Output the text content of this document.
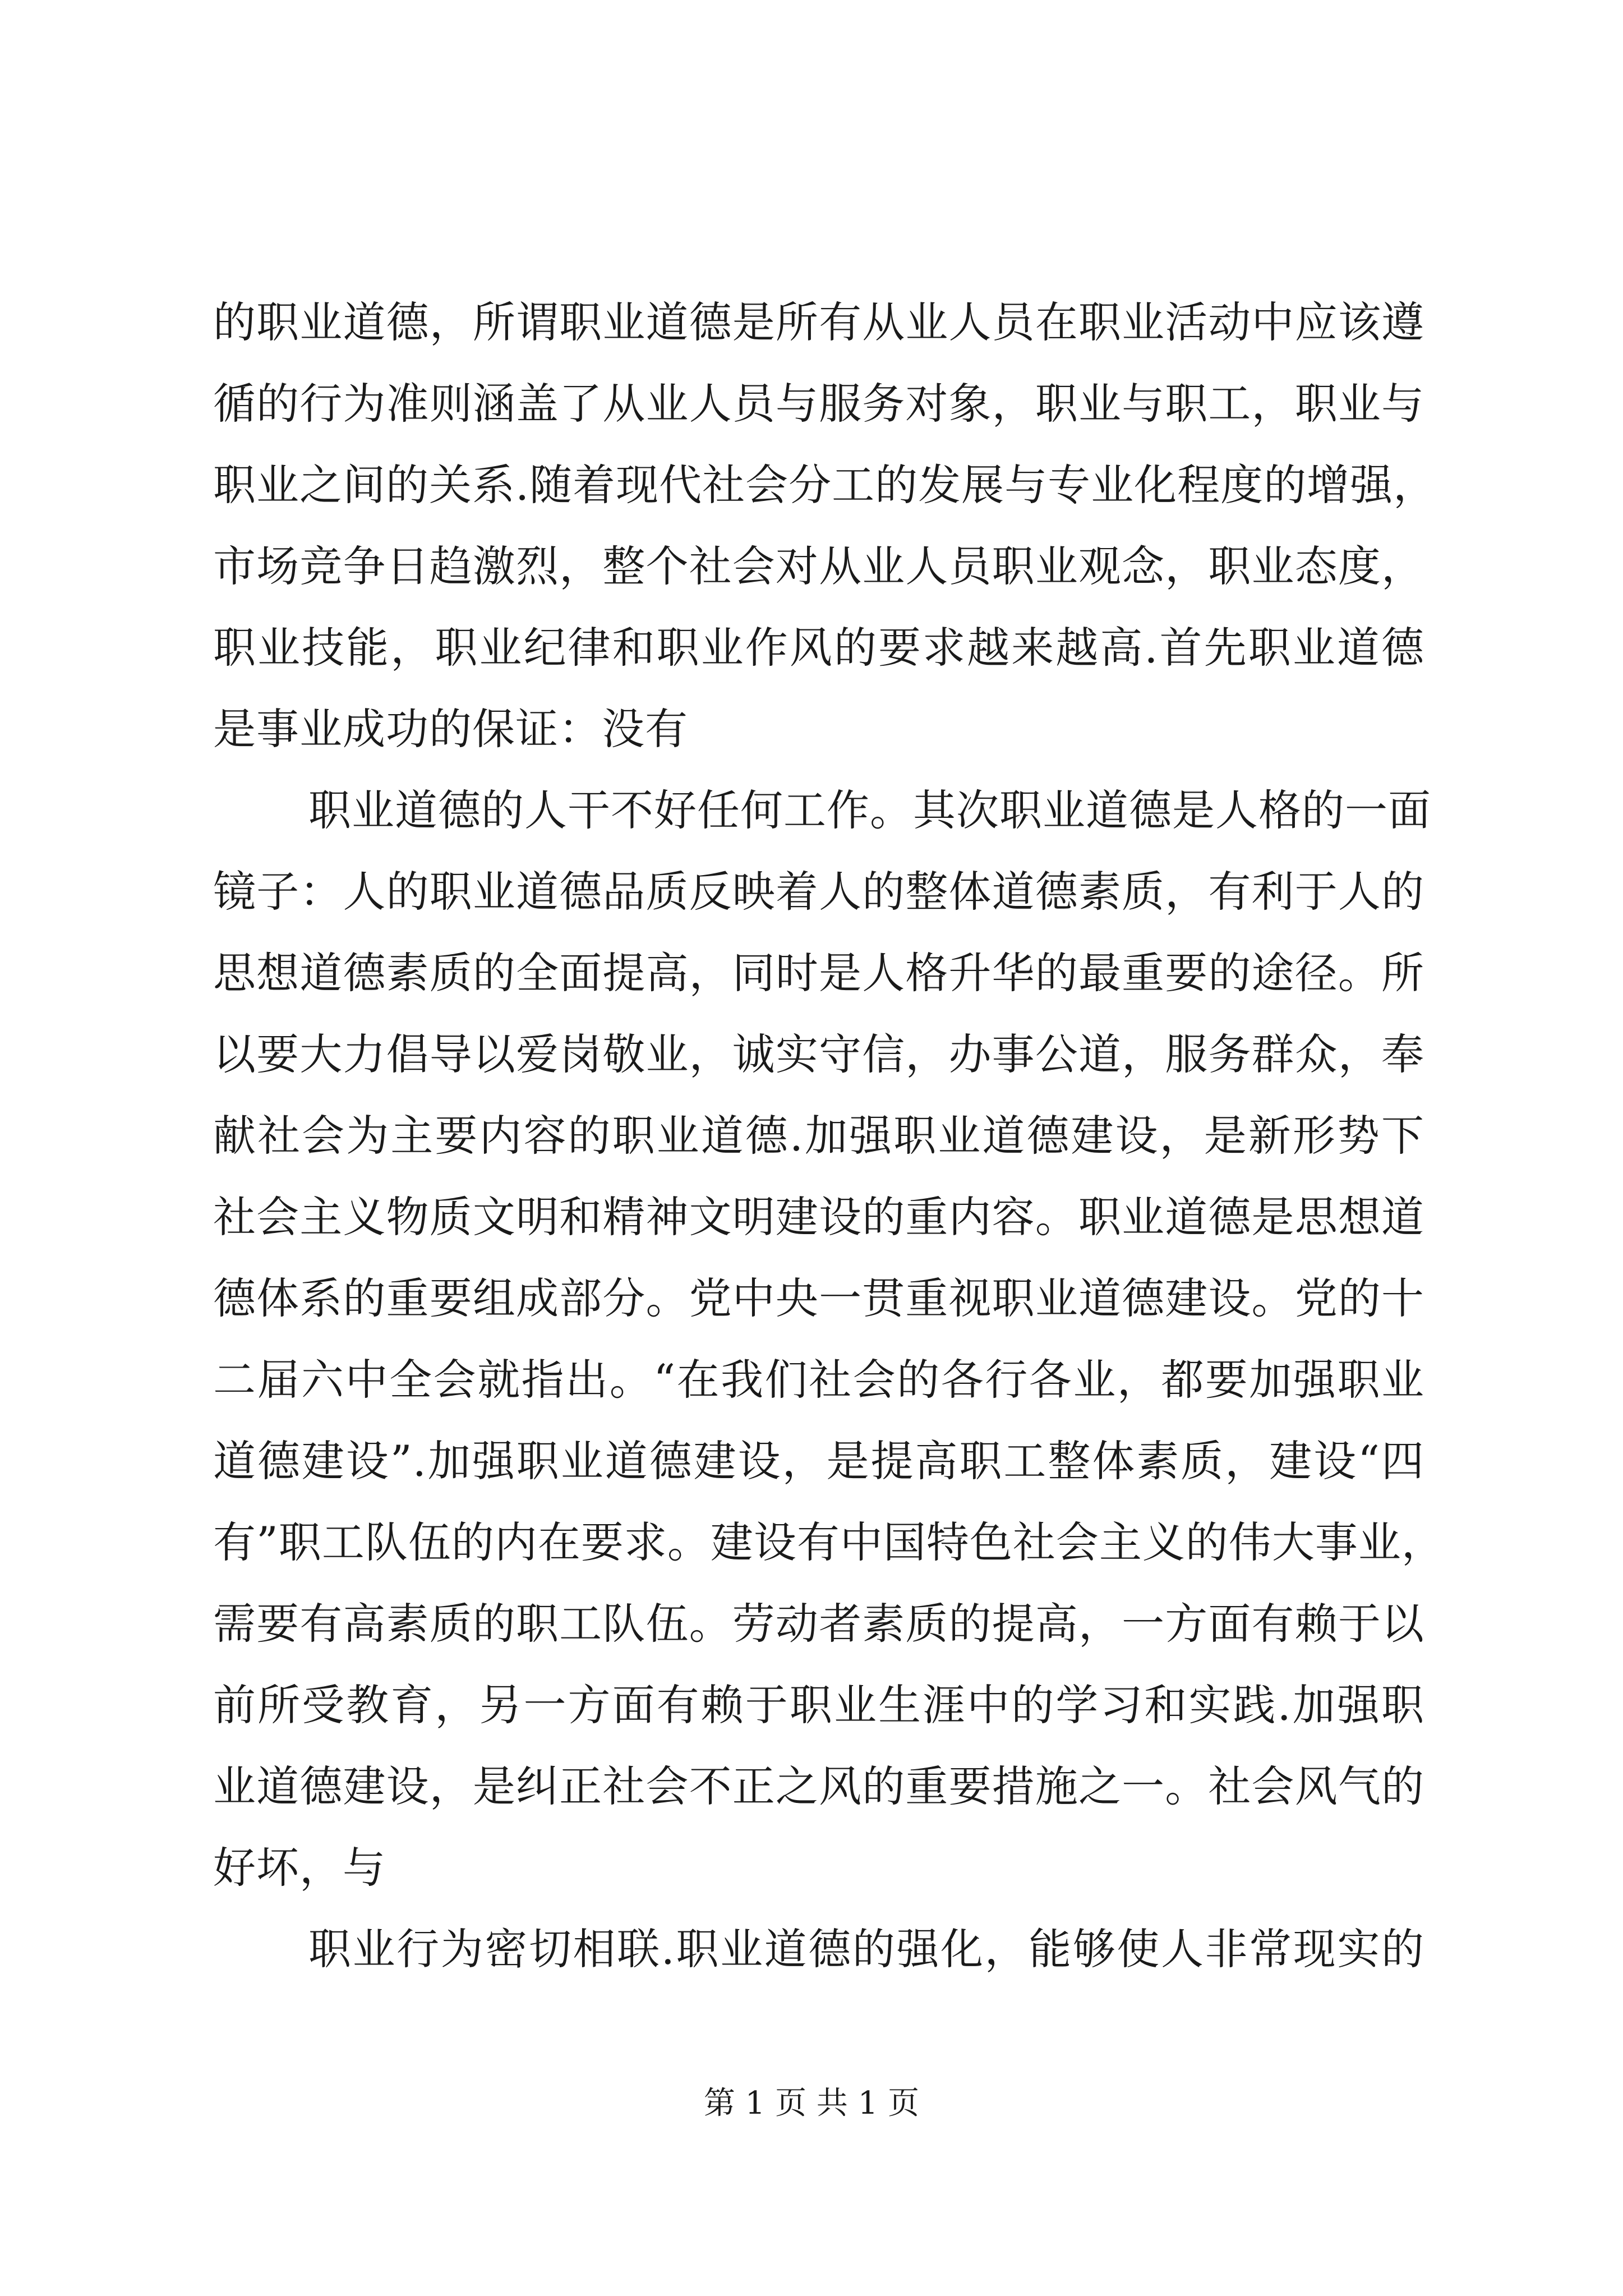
的职业道德，所谓职业道德是所有从业人员在职业活动中应该遵
循的行为准则涵盖了从业人员与服务对象，职业与职工，职业与
职业之间的关系.随着现代社会分工的发展与专业化程度的增强，
市场竞争日趋激烈，整个社会对从业人员职业观念，职业态度，
职业技能，职业纪律和职业作风的要求越来越高.首先职业道德
是事业成功的保证：没有
职业道德的人干不好任何工作。其次职业道德是人格的一面
镜子：人的职业道德品质反映着人的整体道德素质，有利于人的
思想道德素质的全面提高，同时是人格升华的最重要的途径。所
以要大力倡导以爱岗敬业，诚实守信，办事公道，服务群众，奉
献社会为主要内容的职业道德.加强职业道德建设，是新形势下
社会主义物质文明和精神文明建设的重内容。职业道德是思想道
德体系的重要组成部分。党中央一贯重视职业道德建设。党的十
二届六中全会就指出。“在我们社会的各行各业，都要加强职业
道德建设”.加强职业道德建设，是提高职工整体素质，建设“四
有”职工队伍的内在要求。建设有中国特色社会主义的伟大事业，
需要有高素质的职工队伍。劳动者素质的提高，一方面有赖于以
前所受教育，另一方面有赖于职业生涯中的学习和实践.加强职
业道德建设，是纠正社会不正之风的重要措施之一。社会风气的
好坏，与
职业行为密切相联.职业道德的强化，能够使人非常现实的
第 1 页 共 1 页
